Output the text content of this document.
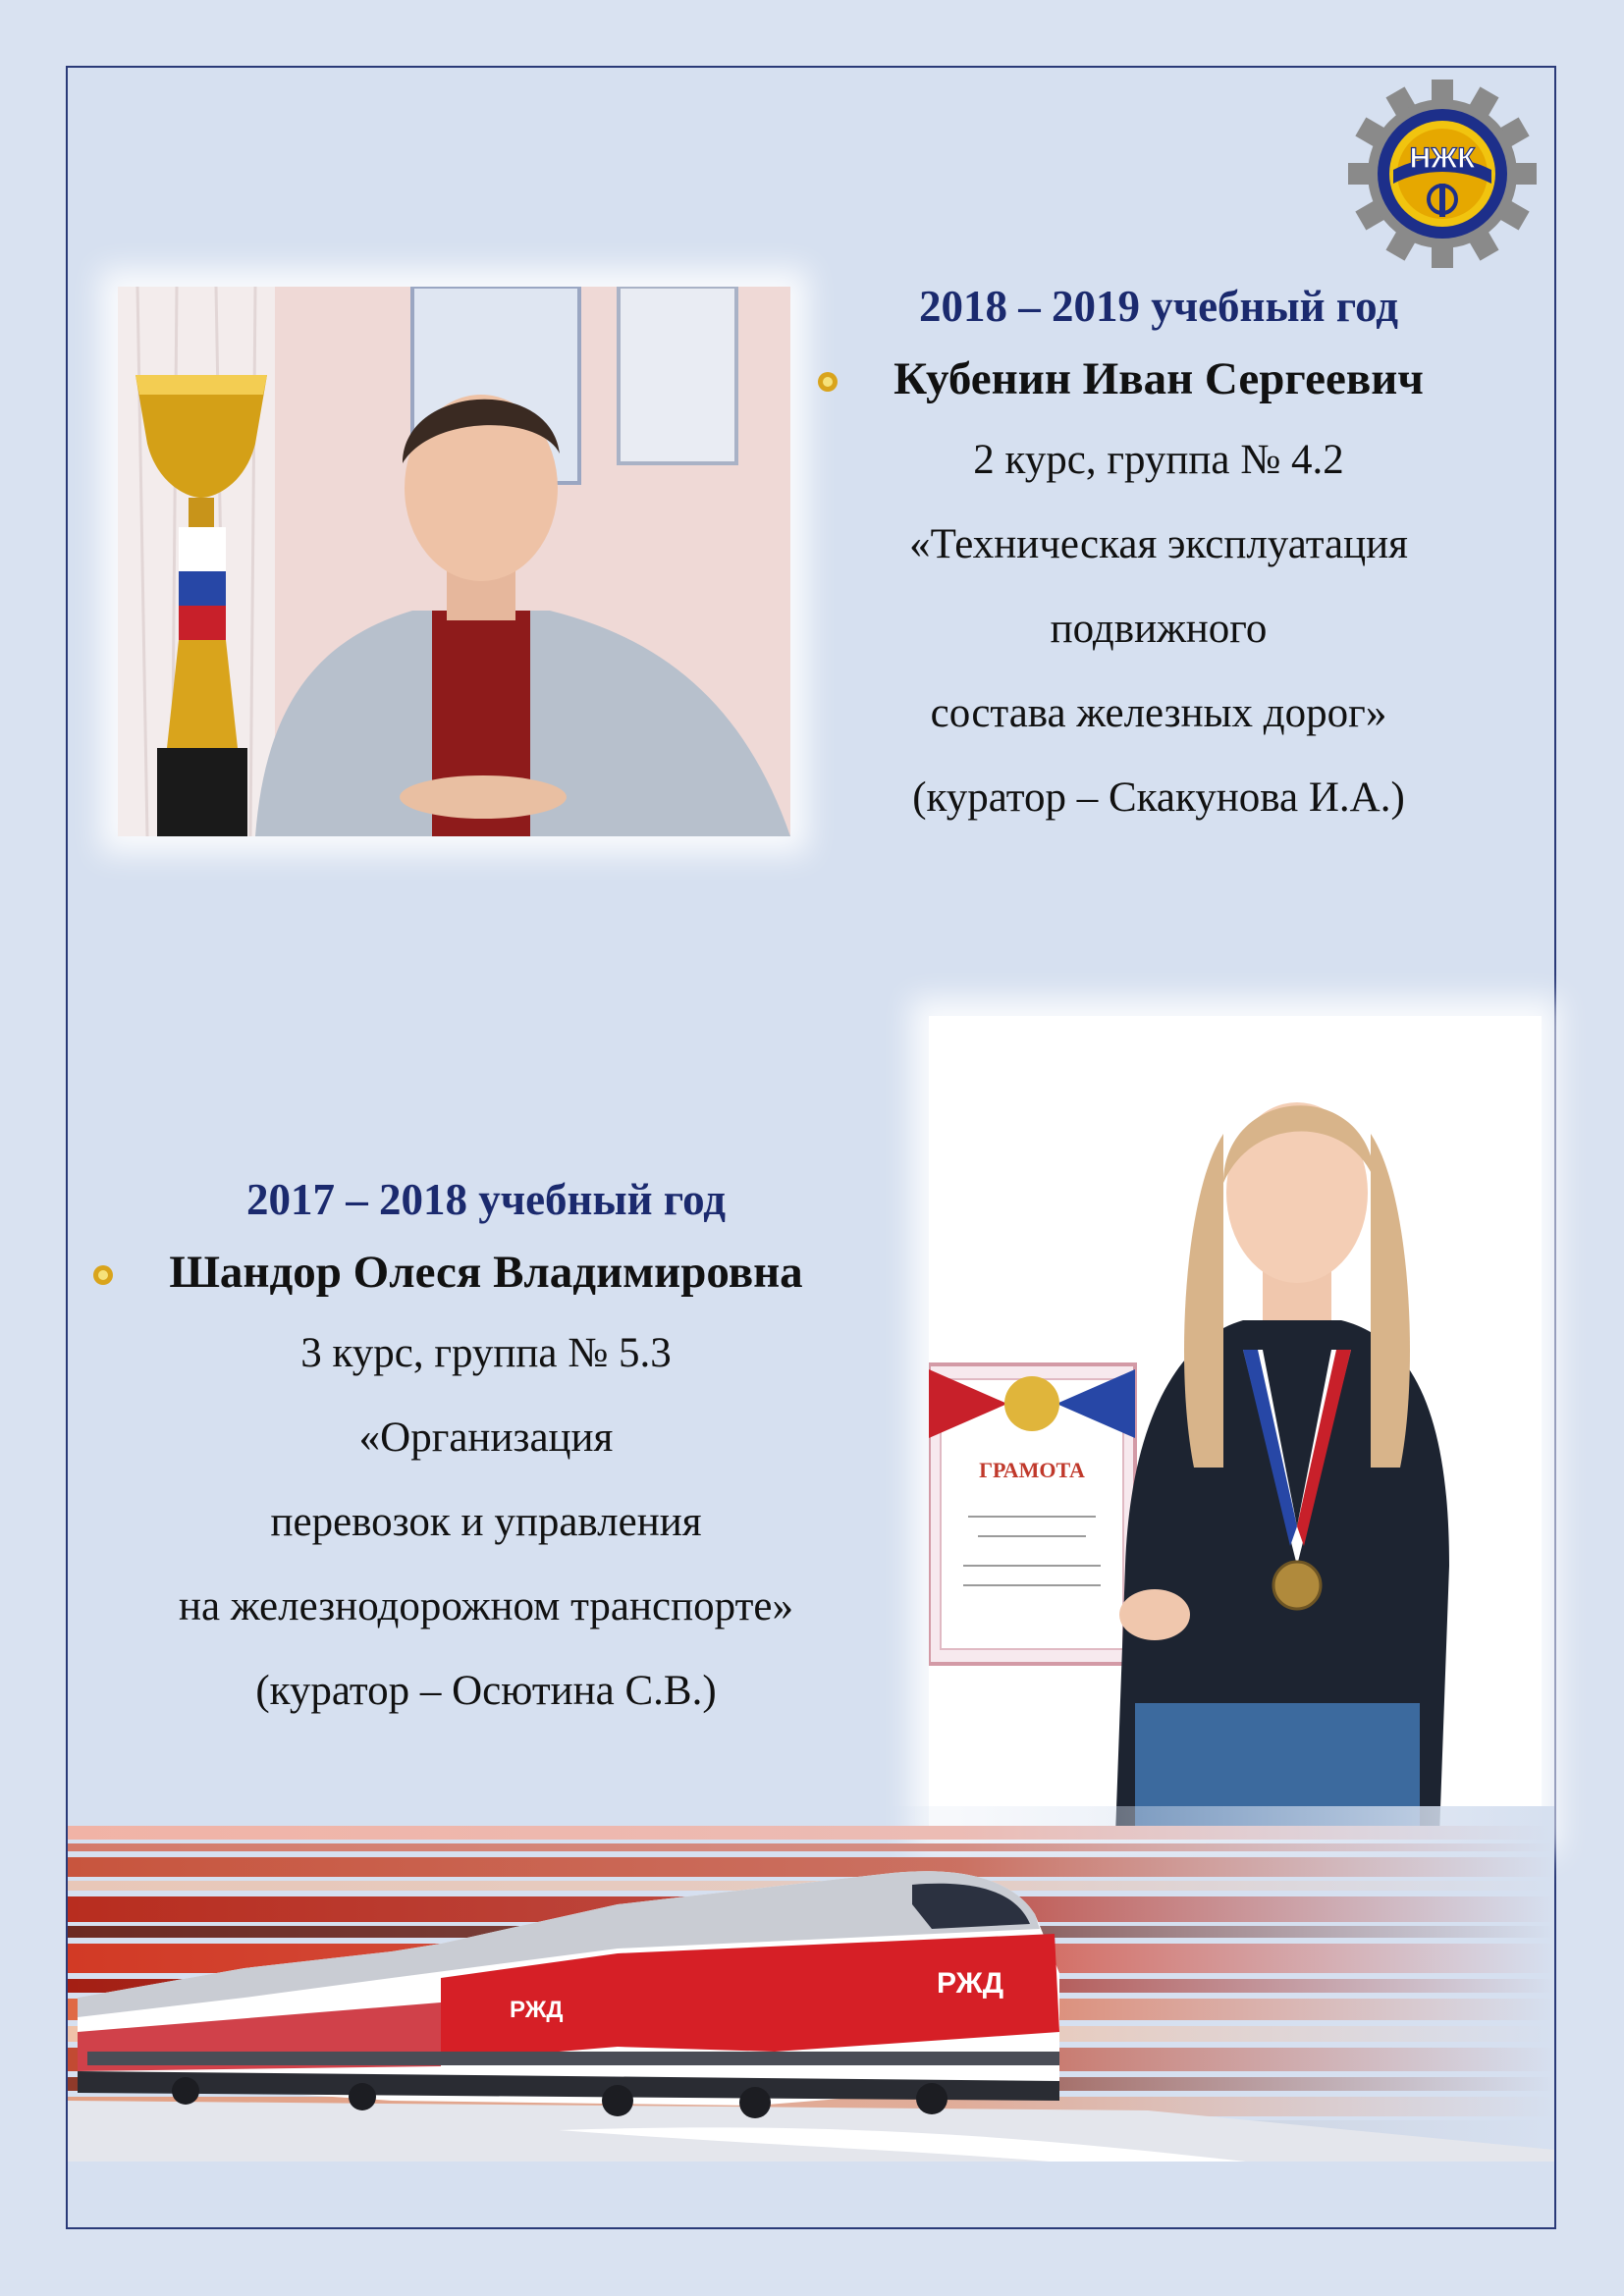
НЖК
ГРАМОТА
2018 – 2019 учебный год
Кубенин Иван Сергеевич
2 курс, группа № 4.2
«Техническая эксплуатация
подвижного
состава железных дорог»
(куратор – Скакунова И.А.)
2017 – 2018 учебный год
Шандор Олеся Владимировна
3 курс, группа № 5.3
«Организация
перевозок и управления
на железнодорожном транспорте»
(куратор – Осютина С.В.)
РЖД
РЖД
